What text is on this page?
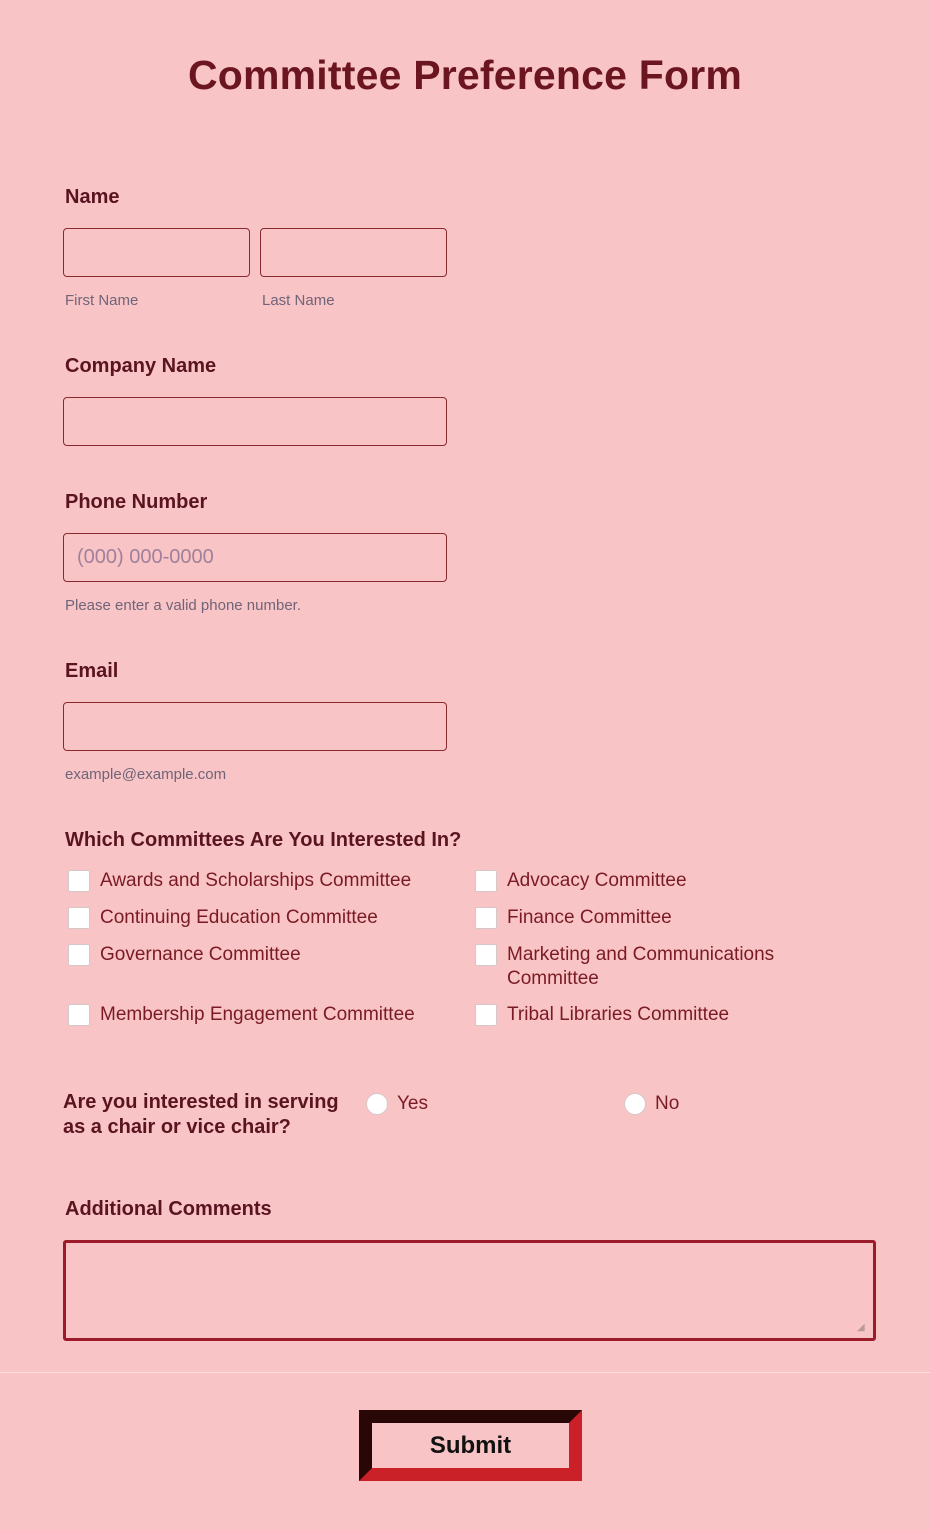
Committee Preference Form
Name
First Name	Last Name
Company Name
Phone Number
(000) 000-0000
Please enter a valid phone number.
Email
example@example.com
Which Committees Are You Interested In?
Awards and Scholarships Committee	Advocacy Committee
Continuing Education Committee	Finance Committee
Governance Committee	Marketing and Communications Committee
Membership Engagement Committee	Tribal Libraries Committee
Are you interested in serving as a chair or vice chair?
Yes	No
Additional Comments
◢
Submit
